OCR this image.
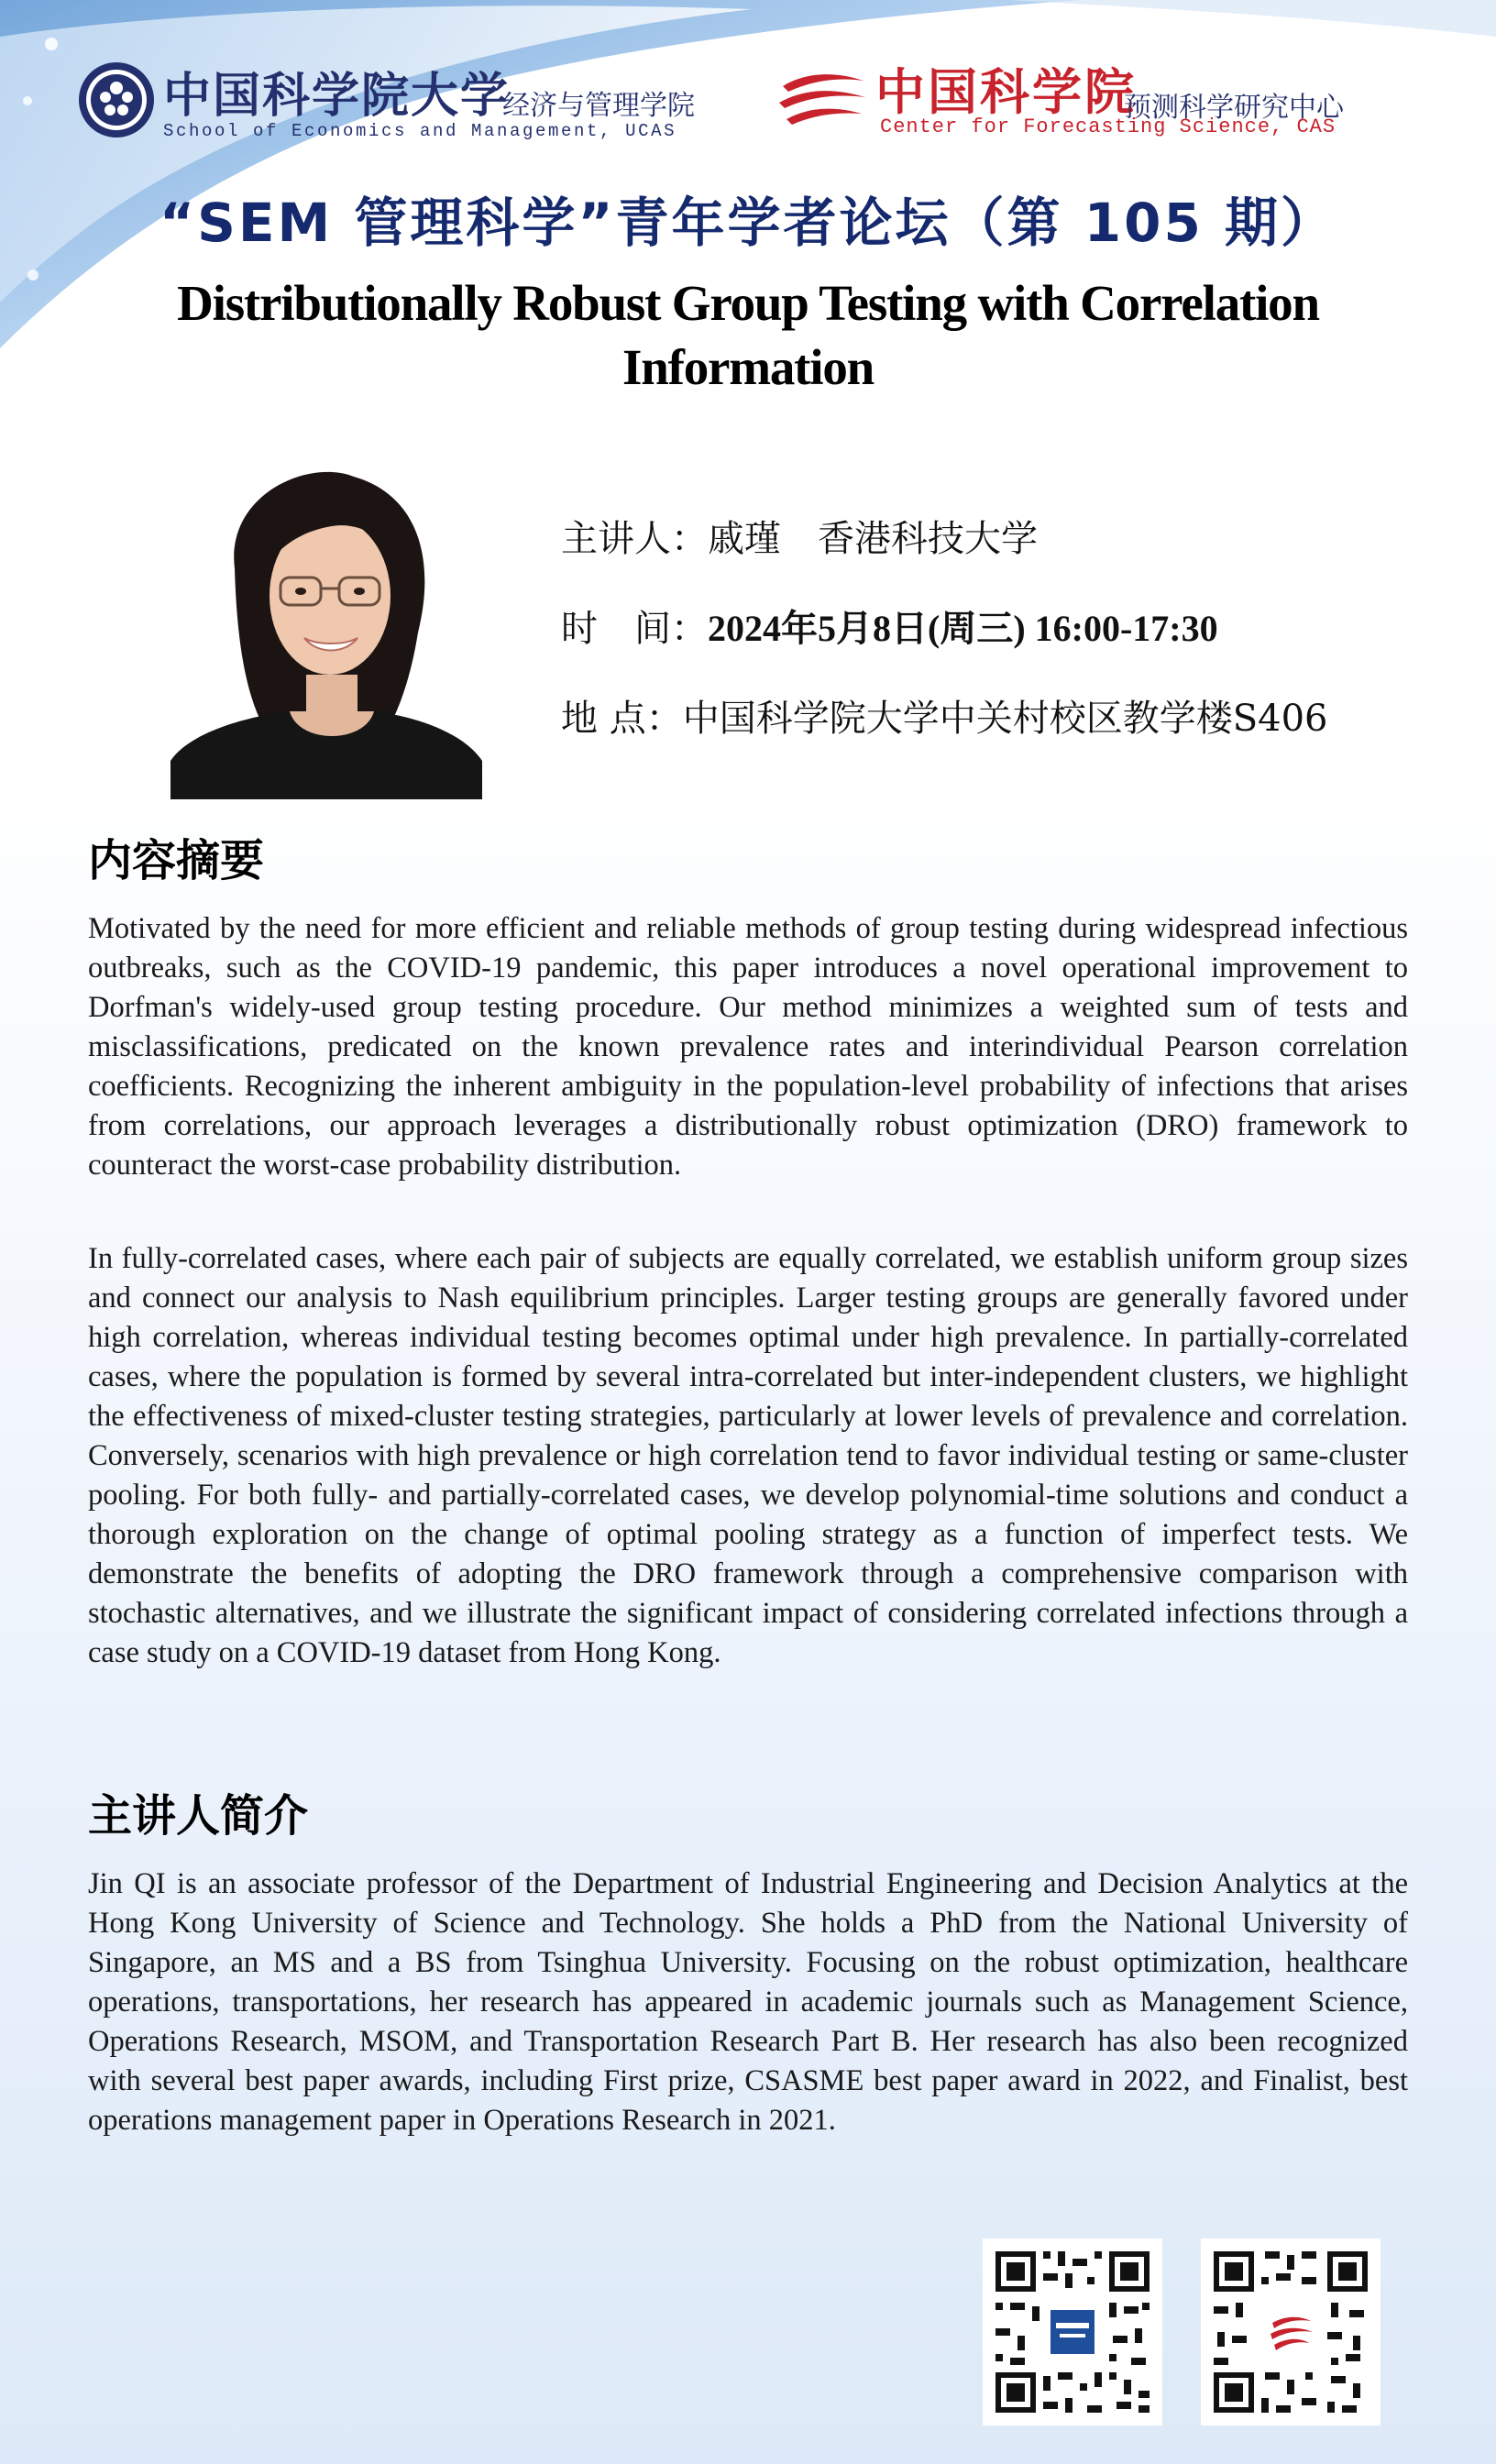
中国科学院大学
经济与管理学院
School of Economics and Management, UCAS
中国科学院
预测科学研究中心
Center for Forecasting Science, CAS
“SEM 管理科学”青年学者论坛（第 105 期）
Distributionally Robust Group Testing with Correlation Information
主讲人：戚瑾　香港科技大学
时　间：2024年5月8日(周三) 16:00-17:30
地 点：中国科学院大学中关村校区教学楼S406
内容摘要
Motivated by the need for more efficient and reliable methods of group testing during widespread infectious outbreaks, such as the COVID-19 pandemic, this paper introduces a novel operational improvement to Dorfman's widely-used group testing procedure. Our method minimizes a weighted sum of tests and misclassifications, predicated on the known prevalence rates and interindividual Pearson correlation coefficients. Recognizing the inherent ambiguity in the population-level probability of infections that arises from correlations, our approach leverages a distributionally robust optimization (DRO) framework to counteract the worst-case probability distribution.
In fully-correlated cases, where each pair of subjects are equally correlated, we establish uniform group sizes and connect our analysis to Nash equilibrium principles. Larger testing groups are generally favored under high correlation, whereas individual testing becomes optimal under high prevalence. In partially-correlated cases, where the population is formed by several intra-correlated but inter-independent clusters, we highlight the effectiveness of mixed-cluster testing strategies, particularly at lower levels of prevalence and correlation. Conversely, scenarios with high prevalence or high correlation tend to favor individual testing or same-cluster pooling. For both fully- and partially-correlated cases, we develop polynomial-time solutions and conduct a thorough exploration on the change of optimal pooling strategy as a function of imperfect tests. We demonstrate the benefits of adopting the DRO framework through a comprehensive comparison with stochastic alternatives, and we illustrate the significant impact of considering correlated infections through a case study on a COVID-19 dataset from Hong Kong.
主讲人简介
Jin QI is an associate professor of the Department of Industrial Engineering and Decision Analytics at the Hong Kong University of Science and Technology. She holds a PhD from the National University of Singapore, an MS and a BS from Tsinghua University. Focusing on the robust optimization, healthcare operations, transportations, her research has appeared in academic journals such as Management Science, Operations Research, MSOM, and Transportation Research Part B. Her research has also been recognized with several best paper awards, including First prize, CSASME best paper award in 2022, and Finalist, best operations management paper in Operations Research in 2021.
